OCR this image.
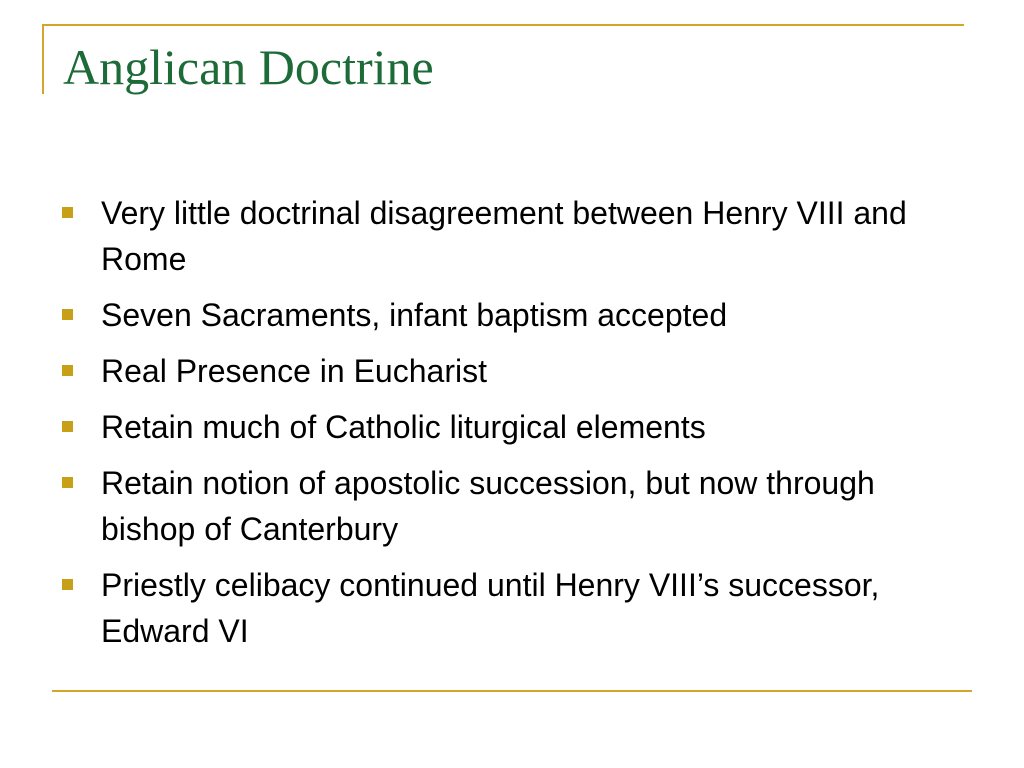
Anglican Doctrine
Very little doctrinal disagreement between Henry VIII and Rome
Seven Sacraments, infant baptism accepted
Real Presence in Eucharist
Retain much of Catholic liturgical elements
Retain notion of apostolic succession, but now through bishop of Canterbury
Priestly celibacy continued until Henry VIII’s successor, Edward VI
